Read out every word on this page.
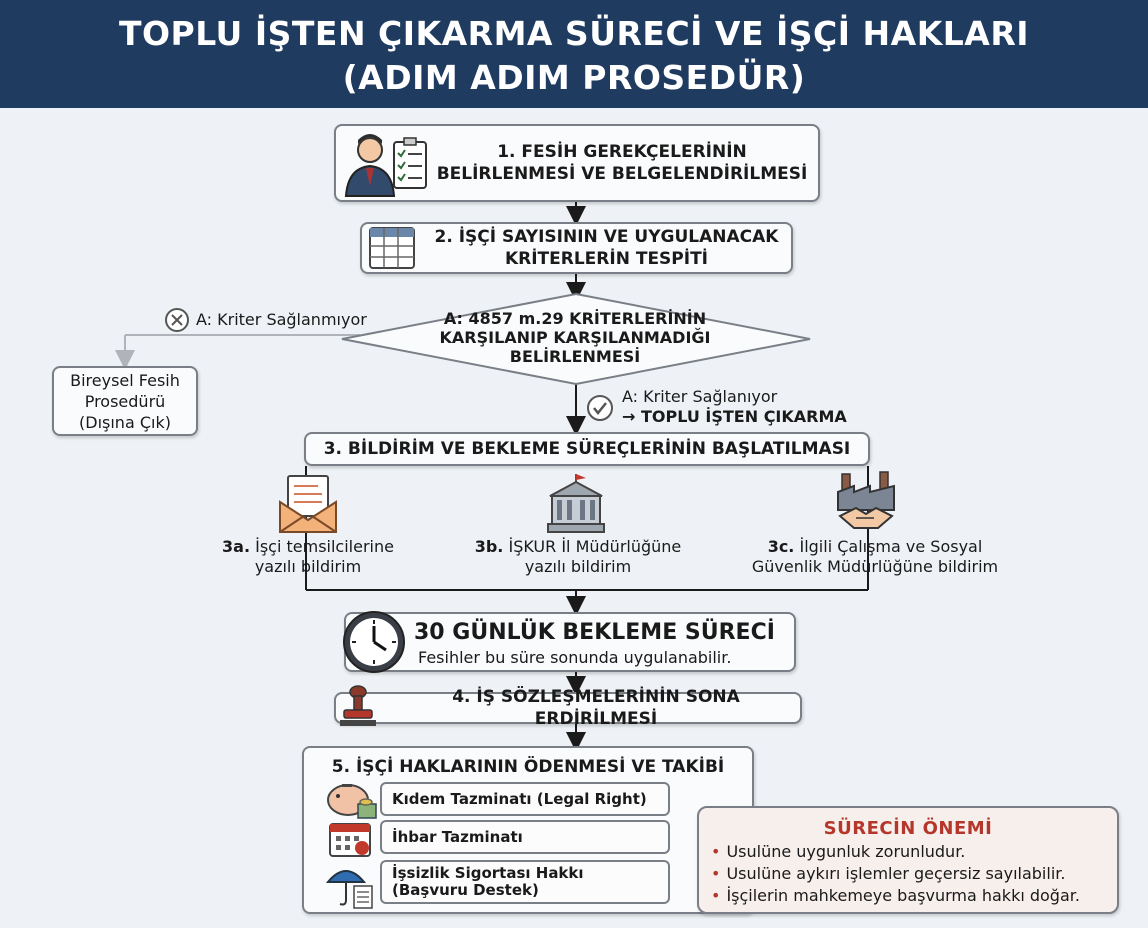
TOPLU İŞTEN ÇIKARMA SÜRECİ VE İŞÇİ HAKLARI
(ADIM ADIM PROSEDÜR)
1. FESİH GEREKÇELERİNİN
BELİRLENMESİ VE BELGELENDİRİLMESİ
2. İŞÇİ SAYISININ VE UYGULANACAK
KRİTERLERİN TESPİTİ
A: 4857 m.29 KRİTERLERİNİN
KARŞILANIP KARŞILANMADIĞI
BELİRLENMESİ
A: Kriter Sağlanmıyor
Bireysel Fesih
Prosedürü
(Dışına Çık)
A: Kriter Sağlanıyor
→ TOPLU İŞTEN ÇIKARMA
3. BİLDİRİM VE BEKLEME SÜREÇLERİNİN BAŞLATILMASI
3a. İşçi temsilcilerine
yazılı bildirim
3b. İŞKUR İl Müdürlüğüne
yazılı bildirim
3c. İlgili Çalışma ve Sosyal
Güvenlik Müdürlüğüne bildirim
30 GÜNLÜK BEKLEME SÜRECİ
Fesihler bu süre sonunda uygulanabilir.
4. İŞ SÖZLEŞMELERİNİN SONA ERDİRİLMESİ
5. İŞÇİ HAKLARININ ÖDENMESİ VE TAKİBİ
Kıdem Tazminatı (Legal Right)
İhbar Tazminatı
İşsizlik Sigortası Hakkı
(Başvuru Destek)
SÜRECİN ÖNEMİ
• Usulüne uygunluk zorunludur.
• Usulüne aykırı işlemler geçersiz sayılabilir.
• İşçilerin mahkemeye başvurma hakkı doğar.
